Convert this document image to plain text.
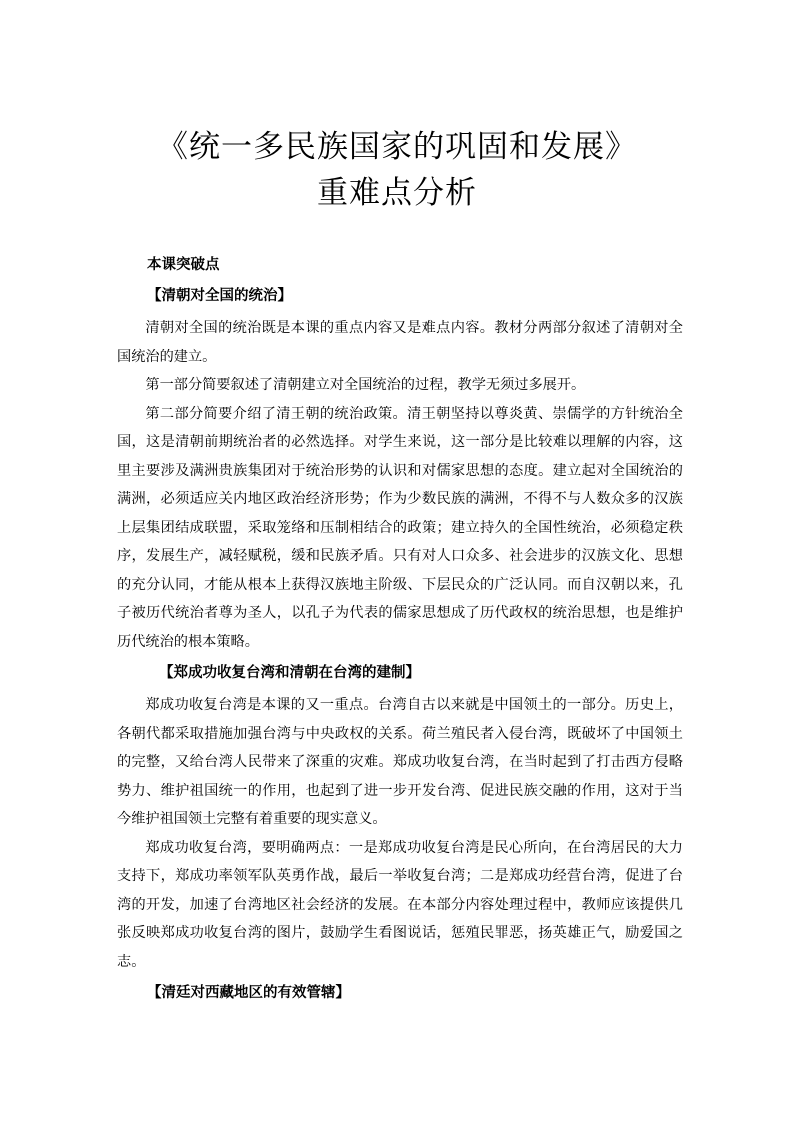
《统一多民族国家的巩固和发展》
重难点分析
本课突破点
【清朝对全国的统治】

清朝对全国的统治既是本课的重点内容又是难点内容。教材分两部分叙述了清朝对全国统治的建立。

第一部分简要叙述了清朝建立对全国统治的过程，教学无须过多展开。

第二部分简要介绍了清王朝的统治政策。清王朝坚持以尊炎黄、崇儒学的方针统治全国，这是清朝前期统治者的必然选择。对学生来说，这一部分是比较难以理解的内容，这里主要涉及满洲贵族集团对于统治形势的认识和对儒家思想的态度。建立起对全国统治的满洲，必须适应关内地区政治经济形势；作为少数民族的满洲，不得不与人数众多的汉族上层集团结成联盟，采取笼络和压制相结合的政策；建立持久的全国性统治，必须稳定秩序，发展生产，减轻赋税，缓和民族矛盾。只有对人口众多、社会进步的汉族文化、思想的充分认同，才能从根本上获得汉族地主阶级、下层民众的广泛认同。而自汉朝以来，孔子被历代统治者尊为圣人，以孔子为代表的儒家思想成了历代政权的统治思想，也是维护历代统治的根本策略。

【郑成功收复台湾和清朝在台湾的建制】

郑成功收复台湾是本课的又一重点。台湾自古以来就是中国领土的一部分。历史上，各朝代都采取措施加强台湾与中央政权的关系。荷兰殖民者入侵台湾，既破坏了中国领土的完整，又给台湾人民带来了深重的灾难。郑成功收复台湾，在当时起到了打击西方侵略势力、维护祖国统一的作用，也起到了进一步开发台湾、促进民族交融的作用，这对于当今维护祖国领土完整有着重要的现实意义。

郑成功收复台湾，要明确两点：一是郑成功收复台湾是民心所向，在台湾居民的大力支持下，郑成功率领军队英勇作战，最后一举收复台湾；二是郑成功经营台湾，促进了台湾的开发，加速了台湾地区社会经济的发展。在本部分内容处理过程中，教师应该提供几张反映郑成功收复台湾的图片，鼓励学生看图说话，惩殖民罪恶，扬英雄正气，励爱国之志。

【清廷对西藏地区的有效管辖】
